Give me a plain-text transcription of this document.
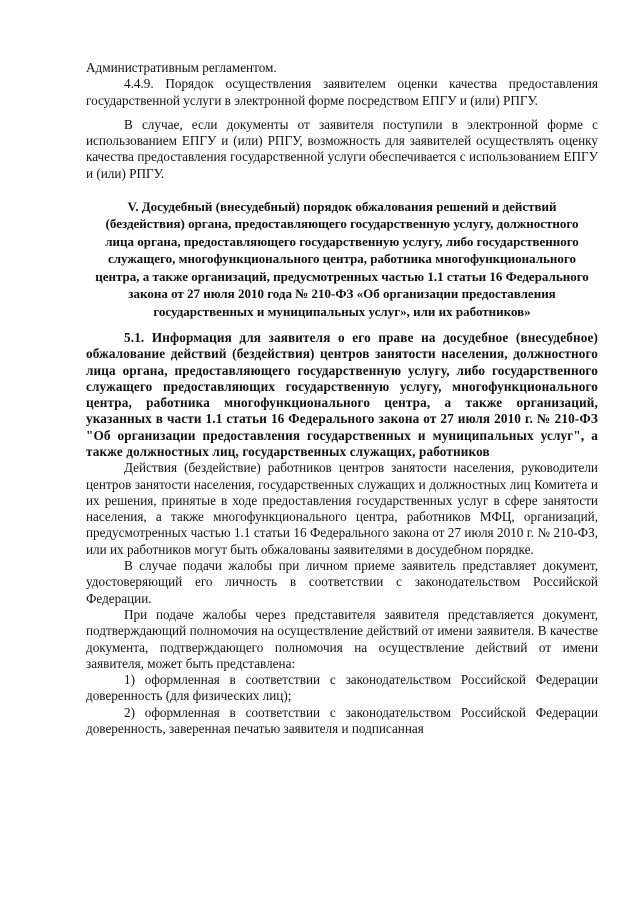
Административным регламентом.

4.4.9. Порядок осуществления заявителем оценки качества предоставления государственной услуги в электронной форме посредством ЕПГУ и (или) РПГУ.

В случае, если документы от заявителя поступили в электронной форме с использованием ЕПГУ и (или) РПГУ, возможность для заявителей осуществлять оценку качества предоставления государственной услуги обеспечивается с использованием ЕПГУ и (или) РПГУ.

V. Досудебный (внесудебный) порядок обжалования решений и действий (бездействия) органа, предоставляющего государственную услугу, должностного лица органа, предоставляющего государственную услугу, либо государственного служащего, многофункционального центра, работника многофункционального центра, а также организаций, предусмотренных частью 1.1 статьи 16 Федерального закона от 27 июля 2010 года № 210-ФЗ «Об организации предоставления государственных и муниципальных услуг», или их работников»

5.1. Информация для заявителя о его праве на досудебное (внесудебное) обжалование действий (бездействия) центров занятости населения, должностного лица органа, предоставляющего государственную услугу, либо государственного служащего предоставляющих государственную услугу, многофункционального центра, работника многофункционального центра, а также организаций, указанных в части 1.1 статьи 16 Федерального закона от 27 июля 2010 г. № 210-ФЗ "Об организации предоставления государственных и муниципальных услуг", а также должностных лиц, государственных служащих, работников

Действия (бездействие) работников центров занятости населения, руководители центров занятости населения, государственных служащих и должностных лиц Комитета и их решения, принятые в ходе предоставления государственных услуг в сфере занятости населения, а также многофункционального центра, работников МФЦ, организаций, предусмотренных частью 1.1 статьи 16 Федерального закона от 27 июля 2010 г. № 210-ФЗ, или их работников могут быть обжалованы заявителями в досудебном порядке.

В случае подачи жалобы при личном приеме заявитель представляет документ, удостоверяющий его личность в соответствии с законодательством Российской Федерации.

При подаче жалобы через представителя заявителя представляется документ, подтверждающий полномочия на осуществление действий от имени заявителя. В качестве документа, подтверждающего полномочия на осуществление действий от имени заявителя, может быть представлена:

1) оформленная в соответствии с законодательством Российской Федерации доверенность (для физических лиц);

2) оформленная в соответствии с законодательством Российской Федерации доверенность, заверенная печатью заявителя и подписанная
